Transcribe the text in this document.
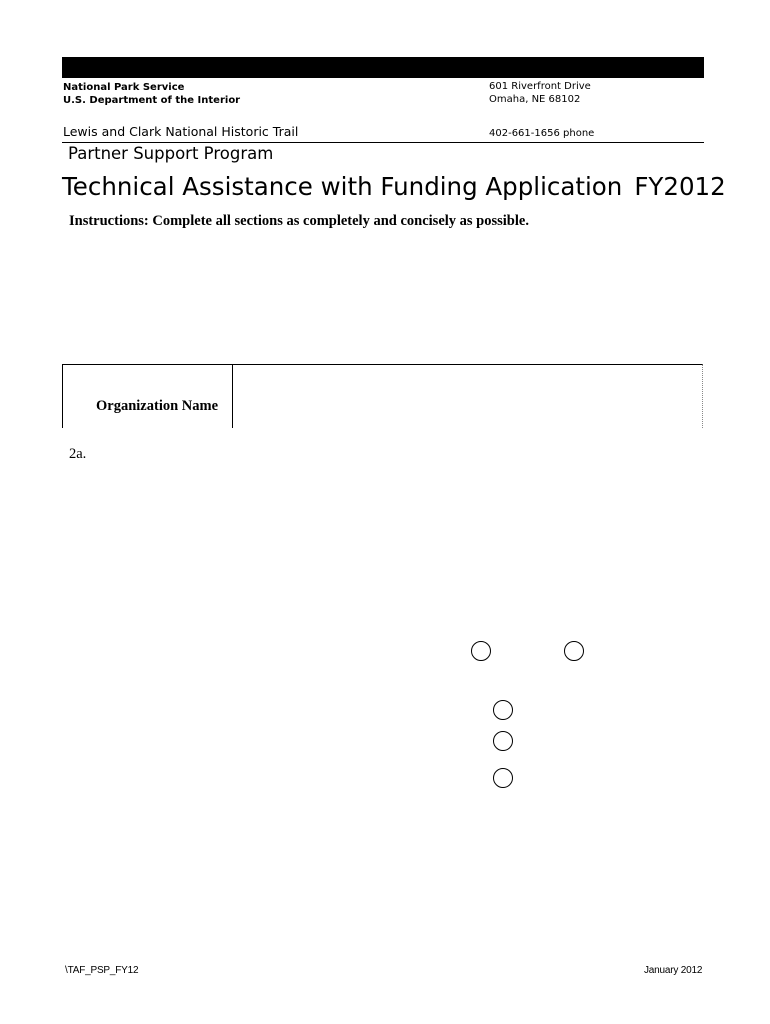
National Park Service
U.S. Department of the Interior
601 Riverfront Drive
Omaha, NE 68102
Lewis and Clark National Historic Trail	402-661-1656 phone
Partner Support Program
Technical Assistance with Funding Application FY2012
Instructions: Complete all sections as completely and concisely as possible.
Organization Name
2a.
\TAF_PSP_FY12	January 2012
